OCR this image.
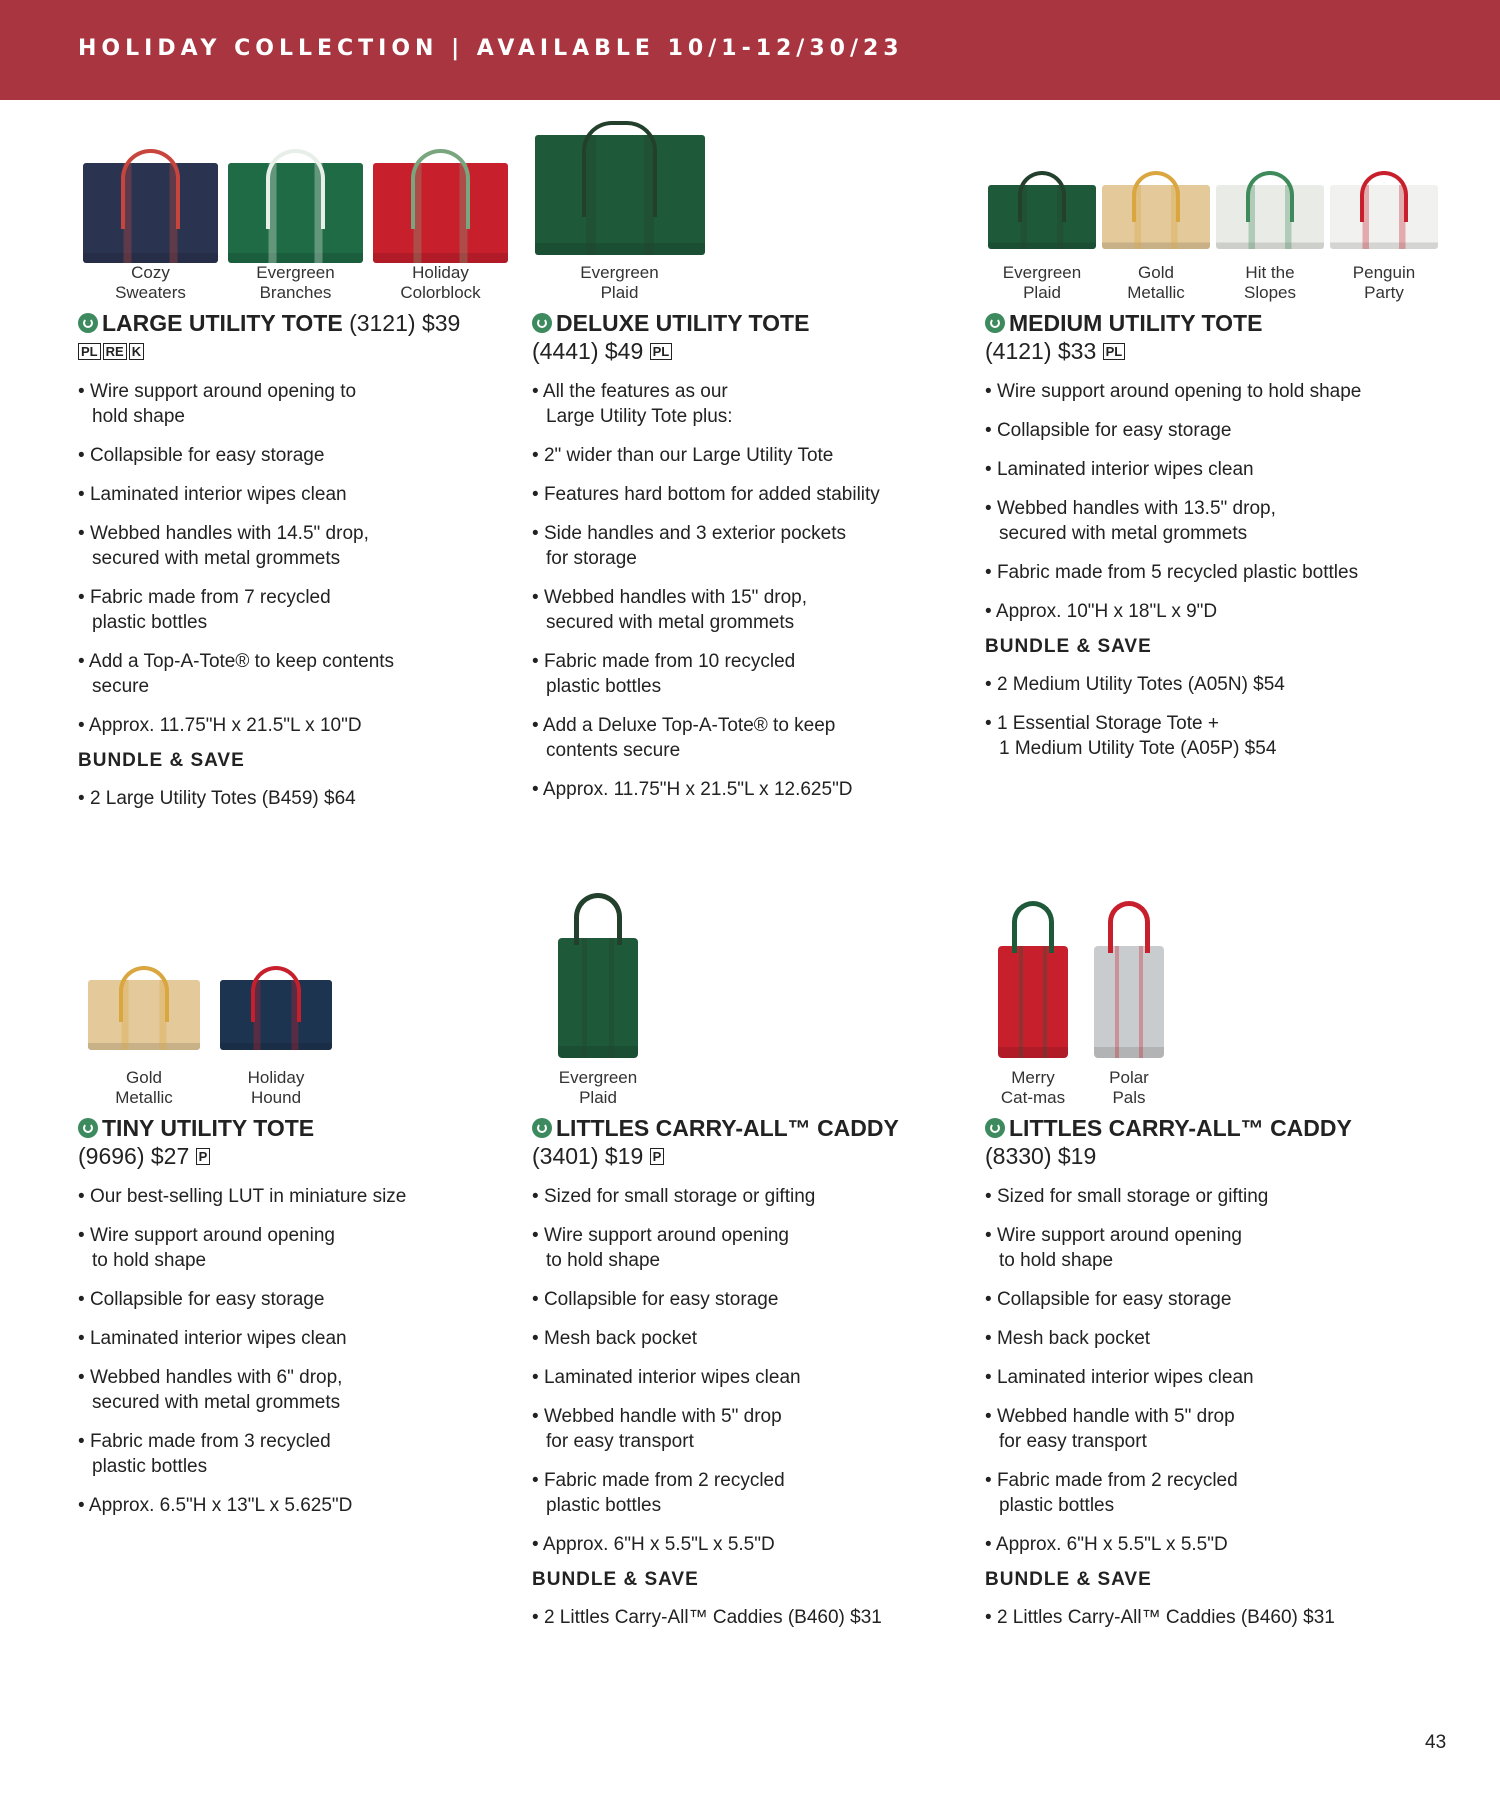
HOLIDAY COLLECTION | AVAILABLE 10/1-12/30/23
Cozy
Sweaters
Evergreen
Branches
Holiday
Colorblock
LARGE UTILITY TOTE (3121) $39
PL RE K
• Wire support around opening to
hold shape
• Collapsible for easy storage
• Laminated interior wipes clean
• Webbed handles with 14.5" drop,
secured with metal grommets
• Fabric made from 7 recycled
plastic bottles
• Add a Top-A-Tote® to keep contents
secure
• Approx. 11.75"H x 21.5"L x 10"D
BUNDLE & SAVE
• 2 Large Utility Totes (B459) $64
Evergreen
Plaid
DELUXE UTILITY TOTE
(4441) $49 PL
• All the features as our
Large Utility Tote plus:
• 2" wider than our Large Utility Tote
• Features hard bottom for added stability
• Side handles and 3 exterior pockets
for storage
• Webbed handles with 15" drop,
secured with metal grommets
• Fabric made from 10 recycled
plastic bottles
• Add a Deluxe Top-A-Tote® to keep
contents secure
• Approx. 11.75"H x 21.5"L x 12.625"D
Evergreen
Plaid
Gold
Metallic
Hit the
Slopes
Penguin
Party
MEDIUM UTILITY TOTE
(4121) $33 PL
• Wire support around opening to hold shape
• Collapsible for easy storage
• Laminated interior wipes clean
• Webbed handles with 13.5" drop,
secured with metal grommets
• Fabric made from 5 recycled plastic bottles
• Approx. 10"H x 18"L x 9"D
BUNDLE & SAVE
• 2 Medium Utility Totes (A05N) $54
• 1 Essential Storage Tote +
1 Medium Utility Tote (A05P) $54
Gold
Metallic
Holiday
Hound
TINY UTILITY TOTE
(9696) $27 P
• Our best-selling LUT in miniature size
• Wire support around opening
to hold shape
• Collapsible for easy storage
• Laminated interior wipes clean
• Webbed handles with 6" drop,
secured with metal grommets
• Fabric made from 3 recycled
plastic bottles
• Approx. 6.5"H x 13"L x 5.625"D
Evergreen
Plaid
LITTLES CARRY-ALL™ CADDY
(3401) $19 P
• Sized for small storage or gifting
• Wire support around opening
to hold shape
• Collapsible for easy storage
• Mesh back pocket
• Laminated interior wipes clean
• Webbed handle with 5" drop
for easy transport
• Fabric made from 2 recycled
plastic bottles
• Approx. 6"H x 5.5"L x 5.5"D
BUNDLE & SAVE
• 2 Littles Carry-All™ Caddies (B460) $31
Merry
Cat-mas
Polar
Pals
LITTLES CARRY-ALL™ CADDY
(8330) $19
• Sized for small storage or gifting
• Wire support around opening
to hold shape
• Collapsible for easy storage
• Mesh back pocket
• Laminated interior wipes clean
• Webbed handle with 5" drop
for easy transport
• Fabric made from 2 recycled
plastic bottles
• Approx. 6"H x 5.5"L x 5.5"D
BUNDLE & SAVE
• 2 Littles Carry-All™ Caddies (B460) $31
43
